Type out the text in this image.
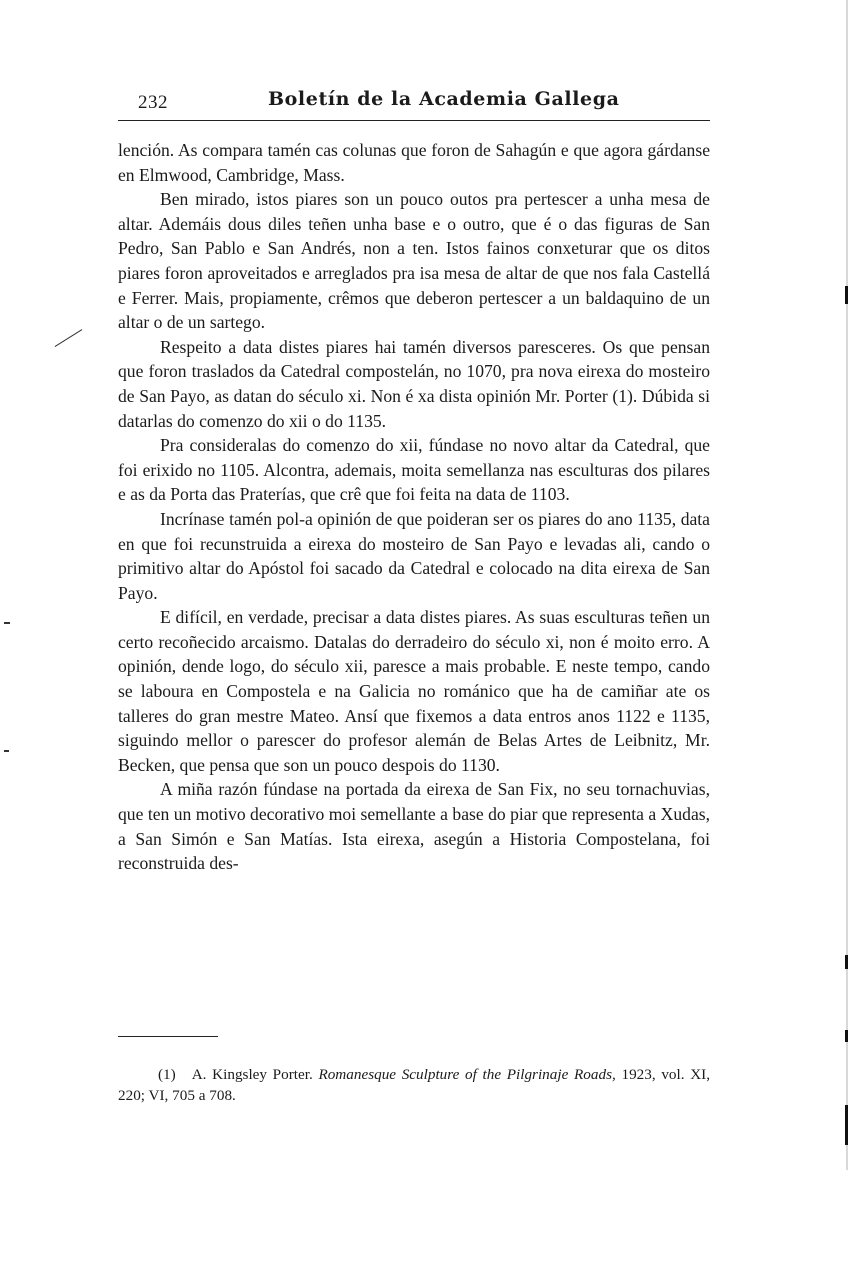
232	Boletín de la Academia Gallega

lención. As compara tamén cas colunas que foron de Sahagún e que agora gárdanse en Elmwood, Cambridge, Mass.

Ben mirado, istos piares son un pouco outos pra pertescer a unha mesa de altar. Ademáis dous diles teñen unha base e o outro, que é o das figuras de San Pedro, San Pablo e San Andrés, non a ten. Istos fainos conxeturar que os ditos piares foron aproveitados e arreglados pra isa mesa de altar de que nos fala Castellá e Ferrer. Mais, propiamente, crêmos que deberon pertescer a un baldaquino de un altar o de un sartego.

Respeito a data distes piares hai tamén diversos paresceres. Os que pensan que foron traslados da Catedral compostelán, no 1070, pra nova eirexa do mosteiro de San Payo, as datan do século xi. Non é xa dista opinión Mr. Porter (1). Dúbida si datarlas do comenzo do xii o do 1135.

Pra consideralas do comenzo do xii, fúndase no novo altar da Catedral, que foi erixido no 1105. Alcontra, ademais, moita semellanza nas esculturas dos pilares e as da Porta das Praterías, que crê que foi feita na data de 1103.

Incrínase tamén pol-a opinión de que poideran ser os piares do ano 1135, data en que foi recunstruida a eirexa do mosteiro de San Payo e levadas ali, cando o primitivo altar do Apóstol foi sacado da Catedral e colocado na dita eirexa de San Payo.

E difícil, en verdade, precisar a data distes piares. As suas esculturas teñen un certo recoñecido arcaismo. Datalas do derradeiro do século xi, non é moito erro. A opinión, dende logo, do século xii, paresce a mais probable. E neste tempo, cando se laboura en Compostela e na Galicia no románico que ha de camiñar ate os talleres do gran mestre Mateo. Ansí que fixemos a data entros anos 1122 e 1135, siguindo mellor o parescer do profesor alemán de Belas Artes de Leibnitz, Mr. Becken, que pensa que son un pouco despois do 1130.

A miña razón fúndase na portada da eirexa de San Fix, no seu tornachuvias, que ten un motivo decorativo moi semellante a base do piar que representa a Xudas, a San Simón e San Matías. Ista eirexa, asegún a Historia Compostelana, foi reconstruida des-

(1) A. Kingsley Porter. Romanesque Sculpture of the Pilgrinaje Roads, 1923, vol. XI, 220; VI, 705 a 708.
